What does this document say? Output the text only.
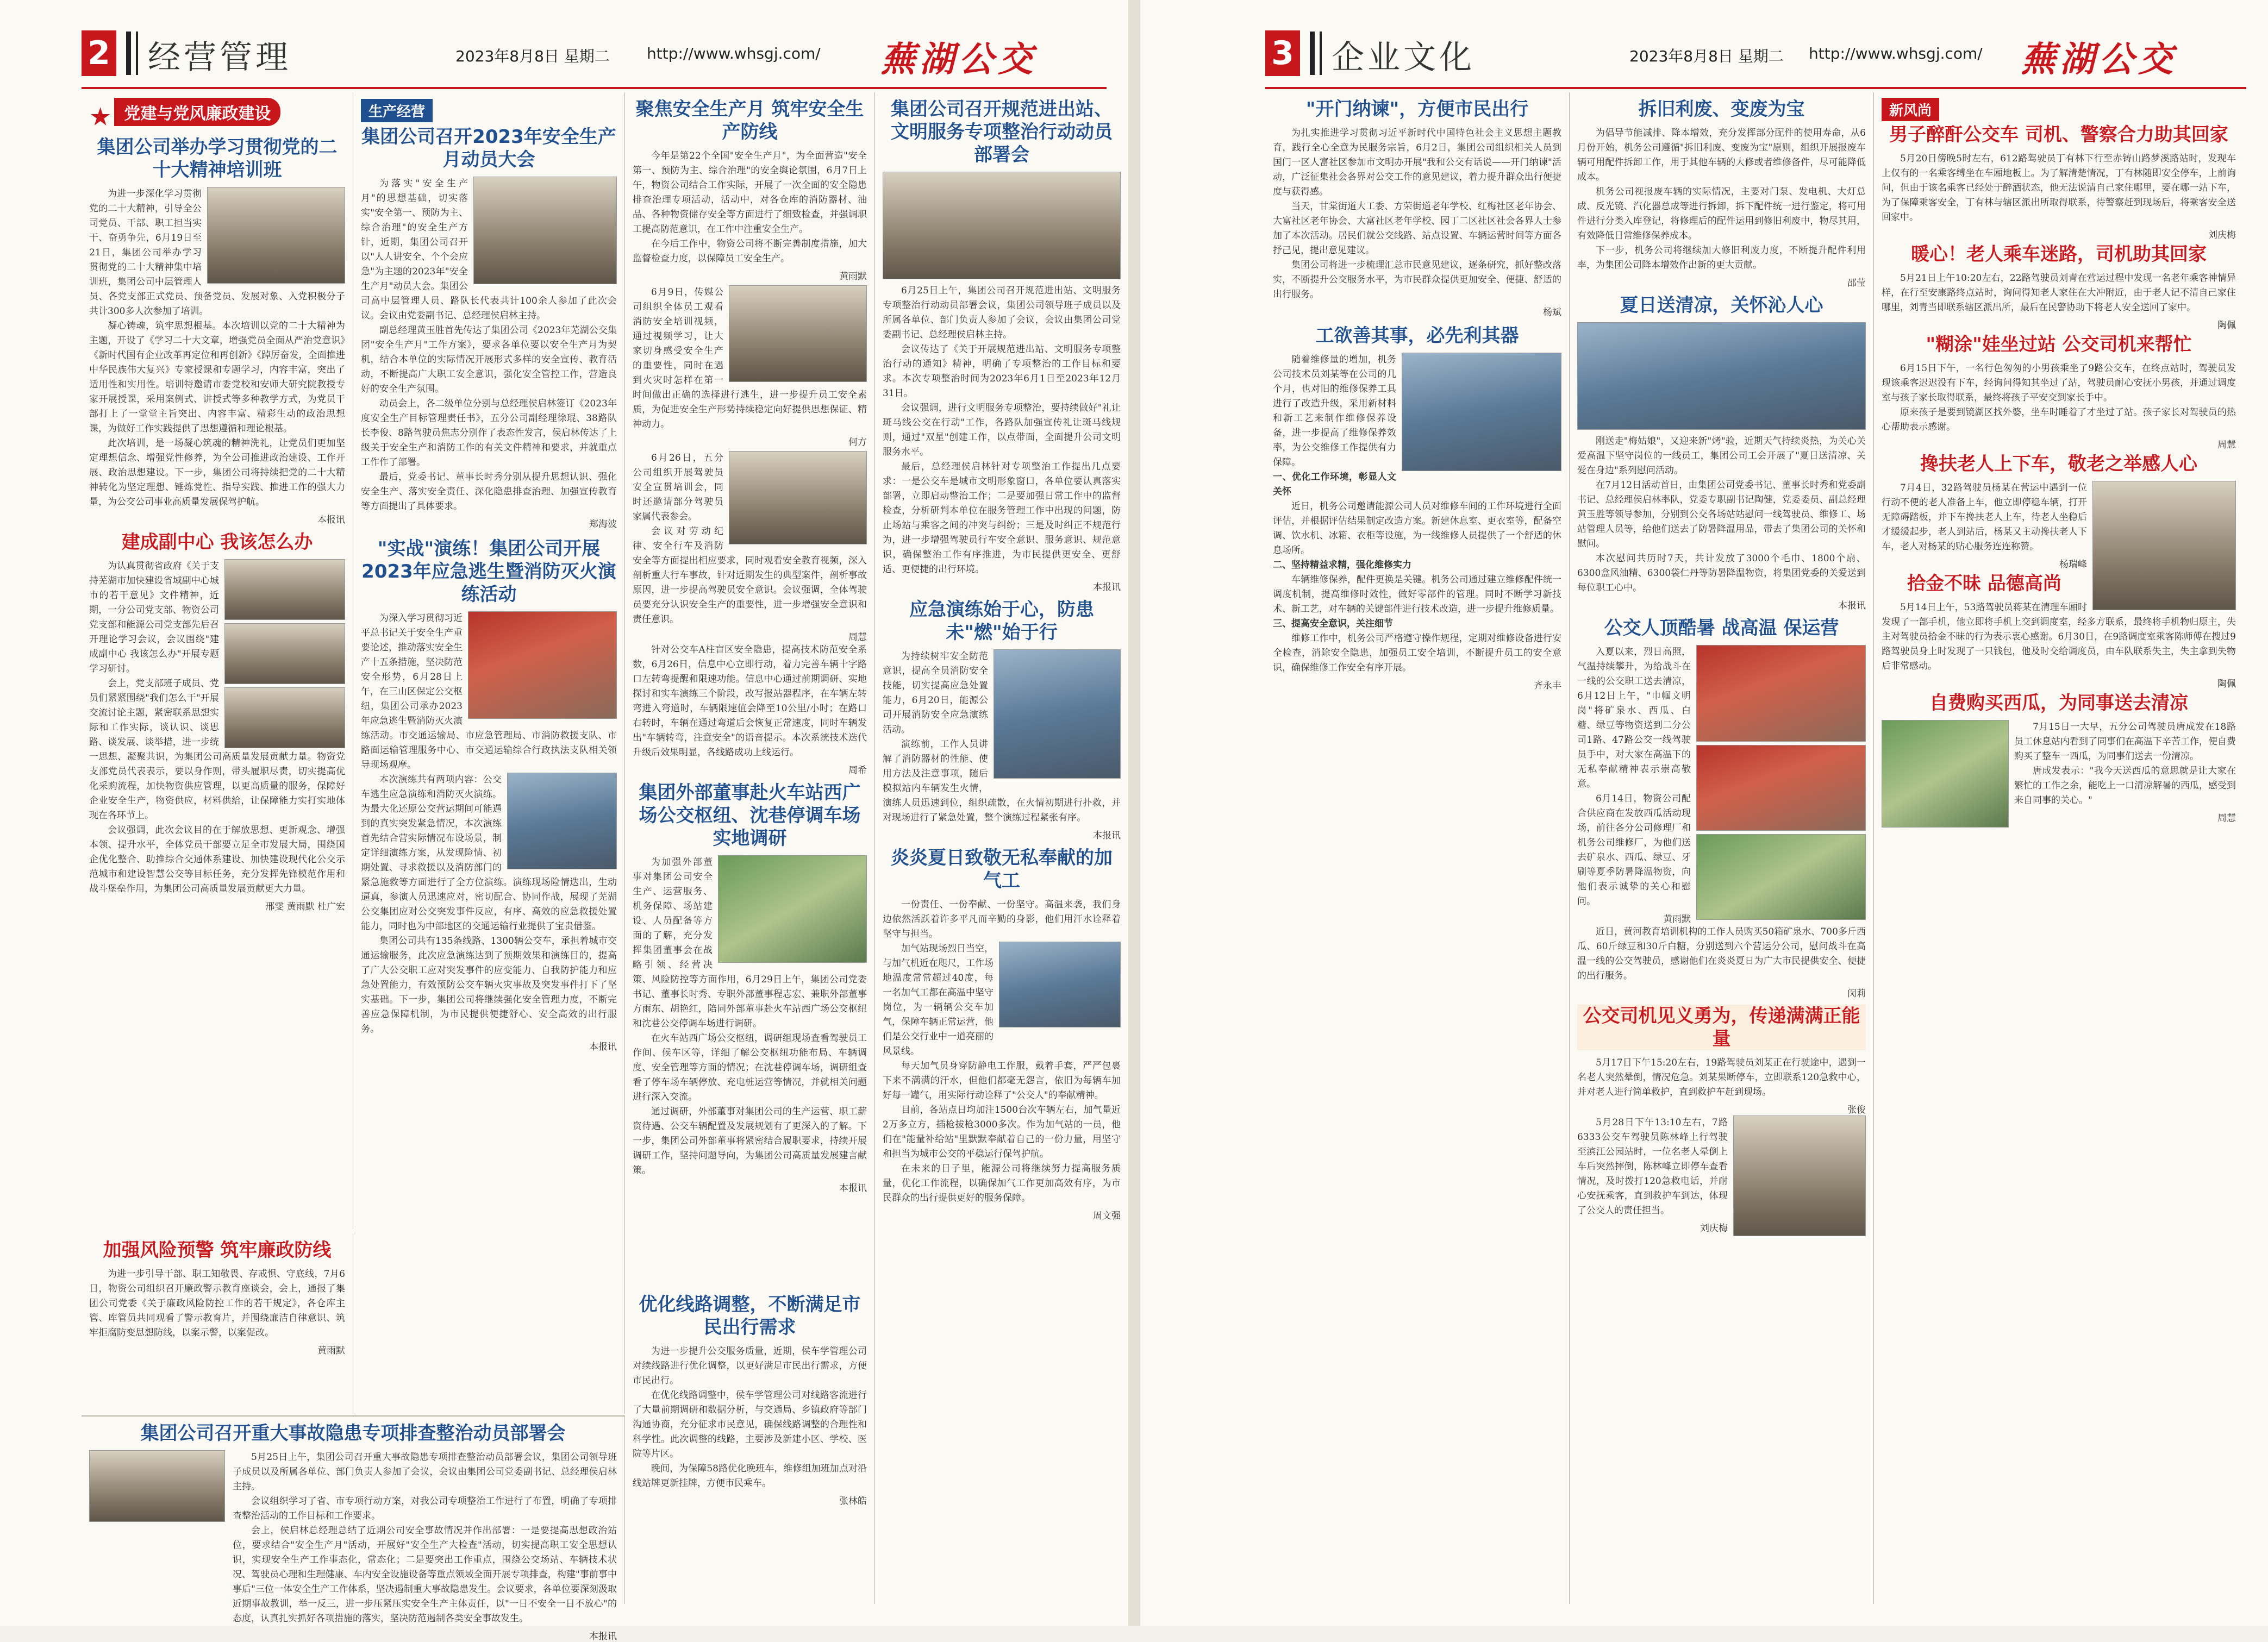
2 经营管理	2023年8月8日 星期二 http://www.whsgj.com/ 蕪湖公交
★ 党建与党风廉政建设
集团公司举办学习贯彻党的二十大精神培训班

为进一步深化学习贯彻党的二十大精神，引导全公司党员、干部、职工担当实干、奋勇争先，6月19日至21日，集团公司举办学习贯彻党的二十大精神集中培训班，集团公司中层管理人员、各党支部正式党员、预备党员、发展对象、入党积极分子共计300多人次参加了培训。

凝心铸魂，筑牢思想根基。本次培训以党的二十大精神为主题，开设了《学习二十大文章，增强党员全面从严治党意识》《新时代国有企业改革再定位和再创新》《踔厉奋发，全面推进中华民族伟大复兴》专家授课和专题学习，内容丰富，突出了适用性和实用性。培训特邀请市委党校和安师大研究院教授专家开展授课，采用案例式、讲授式等多种教学方式，为党员干部打上了一堂堂主旨突出、内容丰富、精彩生动的政治思想课，为做好工作实践提供了思想遵循和理论根基。

此次培训，是一场凝心筑魂的精神洗礼，让党员们更加坚定理想信念、增强党性修养，为全公司推进政治建设、工作开展、政治思想建设。下一步，集团公司将持续把党的二十大精神转化为坚定理想、锤炼党性、指导实践、推进工作的强大力量，为公交公司事业高质量发展保驾护航。

本报讯
建成副中心 我该怎么办

为认真贯彻省政府《关于支持芜湖市加快建设省域副中心城市的若干意见》文件精神，近期，一分公司党支部、物资公司党支部和能源公司党支部先后召开理论学习会议，会议围绕"建成副中心 我该怎么办"开展专题学习研讨。

会上，党支部班子成员、党员们紧紧围绕"我们怎么干"开展交流讨论主题，紧密联系思想实际和工作实际，谈认识、谈思路、谈发展、谈举措，进一步统一思想、凝聚共识，为集团公司高质量发展贡献力量。物资党支部党员代表表示，要以身作则，带头履职尽责，切实提高优化采购流程，加快物资供应管理，以更高质量的服务，保障好企业安全生产，物资供应，材料供给，让保障能力实打实地体现在各环节上。

会议强调，此次会议目的在于解放思想、更新观念、增强本领、提升水平，全体党员干部要立足全市发展大局，围绕国企优化整合、助推综合交通体系建设、加快建设现代化公交示范城市和建设智慧公交等目标任务，充分发挥先锋模范作用和战斗堡垒作用，为集团公司高质量发展贡献更大力量。

邢雯 黄雨默 杜广宏
加强风险预警 筑牢廉政防线

为进一步引导干部、职工知敬畏、存戒惧、守底线，7月6日，物资公司组织召开廉政警示教育座谈会，会上，通报了集团公司党委《关于廉政风险防控工作的若干规定》，各仓库主管、库管员共同观看了警示教育片，并围绕廉洁自律意识、筑牢拒腐防变思想防线，以案示警，以案促改。

黄雨默
生产经营
集团公司召开2023年安全生产月动员大会

为落实"安全生产月"的思想基础，切实落实"安全第一、预防为主、综合治理"的安全生产方针，近期，集团公司召开以"人人讲安全、个个会应急"为主题的2023年"安全生产月"动员大会。集团公司高中层管理人员、路队长代表共计100余人参加了此次会议。会议由党委副书记、总经理侯启林主持。

副总经理黄玉胜首先传达了集团公司《2023年芜湖公交集团"安全生产月"工作方案》，要求各单位要以安全生产月为契机，结合本单位的实际情况开展形式多样的安全宣传、教育活动，不断提高广大职工安全意识，强化安全管控工作，营造良好的安全生产氛围。

动员会上，各二级单位分别与总经理侯启林签订《2023年度安全生产目标管理责任书》，五分公司副经理徐琨、38路队长李俊、8路驾驶员焦志分别作了表态性发言，侯启林传达了上级关于安全生产和消防工作的有关文件精神和要求，并就重点工作作了部署。

最后，党委书记、董事长时秀分别从提升思想认识、强化安全生产、落实安全责任、深化隐患排查治理、加强宣传教育等方面提出了具体要求。

郑海波
"实战"演练！集团公司开展2023年应急逃生暨消防灭火演练活动

为深入学习贯彻习近平总书记关于安全生产重要论述，推动落实安全生产十五条措施，坚决防范安全形势，6月28日上午，在三山区保定公交枢纽，集团公司承办2023年应急逃生暨消防灭火演练活动。市交通运输局、市应急管理局、市消防救援支队、市路面运输管理服务中心、市交通运输综合行政执法支队相关领导现场观摩。

本次演练共有两项内容：公交车逃生应急演练和消防灭火演练。为最大化还原公交营运期间可能遇到的真实突发紧急情况，本次演练首先结合营实际情况布设场景，制定详细演练方案，从发现险情、初期处置、寻求救援以及消防部门的紧急施救等方面进行了全方位演练。演练现场险情迭出，生动逼真，参演人员迅速应对，密切配合、协同作战，展现了芜湖公交集团应对公交突发事件反应，有序、高效的应急救援处置能力，同时也为中部地区的交通运输行业提供了宝贵借鉴。

集团公司共有135条线路、1300辆公交车，承担着城市交通运输服务，此次应急演练达到了预期效果和演练目的，提高了广大公交职工应对突发事件的应变能力、自我防护能力和应急处置能力，有效预防公交车辆火灾事故及突发事件打下了坚实基础。下一步，集团公司将继续强化安全管理力度，不断完善应急保障机制，为市民提供便捷舒心、安全高效的出行服务。

本报讯
聚焦安全生产月 筑牢安全生产防线

今年是第22个全国"安全生产月"，为全面营造"安全第一、预防为主、综合治理"的安全舆论氛围，6月7日上午，物资公司结合工作实际，开展了一次全面的安全隐患排查治理专项活动，活动中，对各仓库的消防器材、油品、各种物资储存安全等方面进行了细致检查，并强调职工提高防范意识，在工作中注重安全生产。

在今后工作中，物资公司将不断完善制度措施，加大监督检查力度，以保障员工安全生产。

黄雨默

6月9日，传媒公司组织全体员工观看消防安全培训视频，通过视频学习，让大家切身感受安全生产的重要性，同时在遇到火灾时怎样在第一时间做出正确的选择进行逃生，进一步提升员工安全素质，为促进安全生产形势持续稳定向好提供思想保证、精神动力。

何方

6月26日，五分公司组织开展驾驶员安全宣贯培训会，同时还邀请部分驾驶员家属代表参会。

会议对劳动纪律、安全行车及消防安全等方面提出相应要求，同时观看安全教育视频，深入剖析重大行车事故，针对近期发生的典型案件，剖析事故原因，进一步提高驾驶员安全意识。会议强调，全体驾驶员要充分认识安全生产的重要性，进一步增强安全意识和责任意识。

周慧

针对公交车A柱盲区安全隐患，提高技术防范安全系数，6月26日，信息中心立即行动，着力完善车辆十字路口左转弯提醒和限速功能。信息中心通过前期调研、实地探讨和实车演练三个阶段，改写报站器程序，在车辆左转弯进入弯道时，车辆限速值会降至10公里/小时；在路口右转时，车辆在通过弯道后会恢复正常速度，同时车辆发出"车辆转弯，注意安全"的语音提示。本次系统技术迭代升级后效果明显，各线路成功上线运行。

周希
集团外部董事赴火车站西广场公交枢纽、沈巷停调车场实地调研

为加强外部董事对集团公司安全生产、运营服务、机务保障、场站建设、人员配备等方面的了解，充分发挥集团董事会在战略引领、经营决策、风险防控等方面作用，6月29日上午，集团公司党委书记、董事长时秀、专职外部董事程志宏、兼职外部董事方雨东、胡艳红，陪同外部董事赴火车站西广场公交枢纽和沈巷公交停调车场进行调研。

在火车站西广场公交枢纽，调研组现场查看驾驶员工作间、候车区等，详细了解公交枢纽功能布局、车辆调度、安全管理等方面的情况；在沈巷停调车场，调研组查看了停车场车辆停放、充电桩运营等情况，并就相关问题进行深入交流。

通过调研，外部董事对集团公司的生产运营、职工薪资待遇、公交车辆配置及发展规划有了更深入的了解。下一步，集团公司外部董事将紧密结合履职要求，持续开展调研工作，坚持问题导向，为集团公司高质量发展建言献策。

本报讯
优化线路调整，不断满足市民出行需求

为进一步提升公交服务质量，近期，侯车学管理公司对续线路进行优化调整，以更好满足市民出行需求，方便市民出行。

在优化线路调整中，侯车学管理公司对线路客流进行了大量前期调研和数据分析，与交通局、乡镇政府等部门沟通协商，充分征求市民意见，确保线路调整的合理性和科学性。此次调整的线路，主要涉及新建小区、学校、医院等片区。

晚间，为保障58路优化晚班车，维修组加班加点对沿线站牌更新挂牌，方便市民乘车。

张林皓
集团公司召开规范进出站、文明服务专项整治行动动员部署会

6月25日上午，集团公司召开规范进出站、文明服务专项整治行动动员部署会议，集团公司领导班子成员以及所属各单位、部门负责人参加了会议，会议由集团公司党委副书记、总经理侯启林主持。

会议传达了《关于开展规范进出站、文明服务专项整治行动的通知》精神，明确了专项整治的工作目标和要求。本次专项整治时间为2023年6月1日至2023年12月31日。

会议强调，进行文明服务专项整治，要持续做好"礼让斑马线公交在行动"工作，各路队加强宣传礼让斑马线规则，通过"双星"创建工作，以点带面，全面提升公司文明服务水平。

最后，总经理侯启林针对专项整治工作提出几点要求：一是公交车是城市文明形象窗口，各单位要认真落实部署，立即启动整治工作；二是要加强日常工作中的监督检查，分析研判本单位在服务管理工作中出现的问题，防止场站与乘客之间的冲突与纠纷；三是及时纠正不规范行为，进一步增强驾驶员行车安全意识、服务意识、规范意识，确保整治工作有序推进，为市民提供更安全、更舒适、更便捷的出行环境。

本报讯
应急演练始于心，防患未"燃"始于行

为持续树牢安全防范意识，提高全员消防安全技能，切实提高应急处置能力，6月20日，能源公司开展消防安全应急演练活动。

演练前，工作人员讲解了消防器材的性能、使用方法及注意事项，随后模拟站内车辆发生火情，演练人员迅速到位，组织疏散，在火情初期进行扑救，并对现场进行了紧急处置，整个演练过程紧张有序。

本报讯
炎炎夏日致敬无私奉献的加气工

一份责任、一份奉献、一份坚守。高温来袭，我们身边依然活跃着许多平凡而辛勤的身影，他们用汗水诠释着坚守与担当。

加气站现场烈日当空，与加气机近在咫尺，工作场地温度常常超过40度，每一名加气工都在高温中坚守岗位，为一辆辆公交车加气，保障车辆正常运营，他们是公交行业中一道亮丽的风景线。

每天加气员身穿防静电工作服，戴着手套，严严包裹下来不满满的汗水，但他们都毫无怨言，依旧为每辆车加好每一罐气，用实际行动诠释了"公交人"的奉献精神。

目前，各站点日均加注1500台次车辆左右，加气量近2万多立方，插枪拔枪3000多次。作为加气站的一员，他们在"能量补给站"里默默奉献着自己的一份力量，用坚守和担当为城市公交的平稳运行保驾护航。

在未来的日子里，能源公司将继续努力提高服务质量，优化工作流程，以确保加气工作更加高效有序，为市民群众的出行提供更好的服务保障。

周文强
集团公司召开重大事故隐患专项排查整治动员部署会

5月25日上午，集团公司召开重大事故隐患专项排查整治动员部署会议，集团公司领导班子成员以及所属各单位、部门负责人参加了会议，会议由集团公司党委副书记、总经理侯启林主持。

会议组织学习了省、市专项行动方案，对我公司专项整治工作进行了布置，明确了专项排查整治活动的工作目标和工作要求。

会上，侯启林总经理总结了近期公司安全事故情况并作出部署：一是要提高思想政治站位，要求结合"安全生产月"活动，开展好"安全生产大检查"活动，切实提高职工安全思想认识，实现安全生产工作事态化，常态化；二是要突出工作重点，围绕公交场站、车辆技术状况、驾驶员心理和生理健康、车内安全设施设备等重点领域全面开展专项排查，构建"事前事中事后"三位一体安全生产工作体系，坚决遏制重大事故隐患发生。会议要求，各单位要深刻汲取近期事故教训，举一反三，进一步压紧压实安全生产主体责任，以"一日不安全一日不放心"的态度，认真扎实抓好各项措施的落实，坚决防范遏制各类安全事故发生。

本报讯
3 企业文化	2023年8月8日 星期二 http://www.whsgj.com/ 蕪湖公交
"开门纳谏"，方便市民出行

为扎实推进学习贯彻习近平新时代中国特色社会主义思想主题教育，践行全心全意为民服务宗旨，6月2日，集团公司组织相关人员到国门一区人富社区参加市文明办开展"我和公交有话说——开门纳谏"活动，广泛征集社会各界对公交工作的意见建议，着力提升群众出行便捷度与获得感。

当天，甘棠街道大工委、方荣街道老年学校、红梅社区老年协会、大富社区老年协会、大富社区老年学校、园丁二区社区社会各界人士参加了本次活动。居民们就公交线路、站点设置、车辆运营时间等方面各抒己见，提出意见建议。

集团公司将进一步梳理汇总市民意见建议，逐条研究，抓好整改落实，不断提升公交服务水平，为市民群众提供更加安全、便捷、舒适的出行服务。

杨斌
工欲善其事，必先利其器

随着维修量的增加，机务公司技术员刘某等在公司的几个月，也对旧的维修保养工具进行了改造升级，采用新材料和新工艺来制作维修保养设备，进一步提高了维修保养效率，为公交维修工作提供有力保障。

一、优化工作环境，彰显人文关怀

近日，机务公司邀请能源公司人员对维修车间的工作环境进行全面评估，并根据评估结果制定改造方案。新建休息室、更衣室等，配备空调、饮水机、冰箱、衣柜等设施，为一线维修人员提供了一个舒适的休息场所。

二、坚持精益求精，强化维修实力

车辆维修保养，配件更换是关键。机务公司通过建立维修配件统一调度机制，提高维修时效性，做好零部件的管理。同时不断学习新技术、新工艺，对车辆的关键部件进行技术改造，进一步提升维修质量。

三、提高安全意识，关注细节

维修工作中，机务公司严格遵守操作规程，定期对维修设备进行安全检查，消除安全隐患，加强员工安全培训，不断提升员工的安全意识，确保维修工作安全有序开展。

齐永丰
拆旧利废、变废为宝

为倡导节能减排、降本增效，充分发挥部分配件的使用寿命，从6月份开始，机务公司遵循"拆旧利废、变废为宝"原则，组织开展报废车辆可用配件拆卸工作，用于其他车辆的大修或者维修备件，尽可能降低成本。

机务公司视报废车辆的实际情况，主要对门泵、发电机、大灯总成、反光镜、汽化器总成等进行拆卸，拆下配件统一进行鉴定，将可用件进行分类入库登记，将修理后的配件运用到修旧利废中，物尽其用，有效降低日常维修保养成本。

下一步，机务公司将继续加大修旧利废力度，不断提升配件利用率，为集团公司降本增效作出新的更大贡献。

邵莹
夏日送清凉，关怀沁人心

刚送走"梅姑娘"，又迎来新"烤"验，近期天气持续炎热，为关心关爱高温下坚守岗位的一线员工，集团公司工会开展了"夏日送清凉、关爱在身边"系列慰问活动。

在7月12日活动首日，由集团公司党委书记、董事长时秀和党委副书记、总经理侯启林率队，党委专职副书记陶健，党委委员、副总经理黄玉胜等领导参加，分别到公交各场站站慰问一线驾驶员、维修工、场站管理人员等，给他们送去了防暑降温用品，带去了集团公司的关怀和慰问。

本次慰问共历时7天，共计发放了3000个毛巾、1800个扇、6300盒风油精、6300袋仁丹等防暑降温物资，将集团党委的关爱送到每位职工心中。

本报讯
公交人顶酷暑 战高温 保运营

入夏以来，烈日高照，气温持续攀升，为给战斗在一线的公交职工送去清凉，6月12日上午，"巾帼文明岗"将矿泉水、西瓜、白糖、绿豆等物资送到二分公司1路、47路公交一线驾驶员手中，对大家在高温下的无私奉献精神表示崇高敬意。

6月14日，物资公司配合供应商在发放西瓜活动现场，前往各分公司修理厂和机务公司维修厂，为他们送去矿泉水、西瓜、绿豆、牙刷等夏季防暑降温物资，向他们表示诚挚的关心和慰问。

黄雨默

近日，黄河教育培训机构的工作人员购买50箱矿泉水、700多斤西瓜、60斤绿豆和30斤白糖，分别送到六个营运分公司，慰问战斗在高温一线的公交驾驶员，感谢他们在炎炎夏日为广大市民提供安全、便捷的出行服务。

闵莉
公交司机见义勇为，传递满满正能量

5月17日下午15:20左右，19路驾驶员刘某正在行驶途中，遇到一名老人突然晕倒，情况危急。刘某果断停车，立即联系120急救中心，并对老人进行简单救护，直到救护车赶到现场。

张俊

5月28日下午13:10左右，7路6333公交车驾驶员陈林峰上行驾驶至滨江公园站时，一位名老人晕倒上车后突然摔倒，陈林峰立即停车查看情况，及时拨打120急救电话，并耐心安抚乘客，直到救护车到达，体现了公交人的责任担当。

刘庆梅
新风尚
男子醉酐公交车 司机、警察合力助其回家

5月20日傍晚5时左右，612路驾驶员丁有林下行至赤铸山路梦溪路站时，发现车上仅有的一名乘客缚坐在车厢地板上。为了解清楚情况，丁有林随即安全停车，上前询问，但由于该名乘客已经处于醉酒状态，他无法说清自己家住哪里，要在哪一站下车，为了保障乘客安全，丁有林与辖区派出所取得联系，待警察赶到现场后，将乘客安全送回家中。

刘庆梅
暖心！老人乘车迷路，司机助其回家

5月21日上午10:20左右，22路驾驶员刘青在营运过程中发现一名老年乘客神情异样，在行至安康路终点站时，询问得知老人家住在大冲附近，由于老人记不清自己家住哪里，刘青当即联系辖区派出所，最后在民警协助下将老人安全送回了家中。

陶佩
"糊涂"娃坐过站 公交司机来帮忙

6月15日下午，一名行色匆匆的小男孩乘坐了9路公交车，在终点站时，驾驶员发现该乘客迟迟没有下车，经询问得知其坐过了站，驾驶员耐心安抚小男孩，并通过调度室与孩子家长取得联系，最终将孩子平安交到家长手中。

原来孩子是要到镜湖区找外婆，坐车时睡着了才坐过了站。孩子家长对驾驶员的热心帮助表示感谢。

周慧
搀扶老人上下车，敬老之举感人心

7月4日，32路驾驶员杨某在营运中遇到一位行动不便的老人准备上车，他立即停稳车辆，打开无障碍踏板，并下车搀扶老人上车，待老人坐稳后才缓缓起步，老人到站后，杨某又主动搀扶老人下车，老人对杨某的贴心服务连连称赞。

杨瑞峰
拾金不昧 品德高尚

5月14日上午，53路驾驶员蒋某在清理车厢时发现了一部手机，他立即将手机上交到调度室，经多方联系，最终将手机物归原主，失主对驾驶员拾金不昧的行为表示衷心感谢。6月30日，在9路调度室乘客陈师傅在搜过9路驾驶员身上时发现了一只钱包，他及时交给调度员，由车队联系失主，失主拿到失物后非常感动。

陶佩
自费购买西瓜，为同事送去清凉

7月15日一大早，五分公司驾驶员唐成发在18路员工休息站内看到了同事们在高温下辛苦工作，便自费购买了整车一西瓜，为同事们送去一份清凉。

唐成发表示："我今天送西瓜的意思就是让大家在繁忙的工作之余，能吃上一口清凉解暑的西瓜，感受到来自同事的关心。"

周慧
